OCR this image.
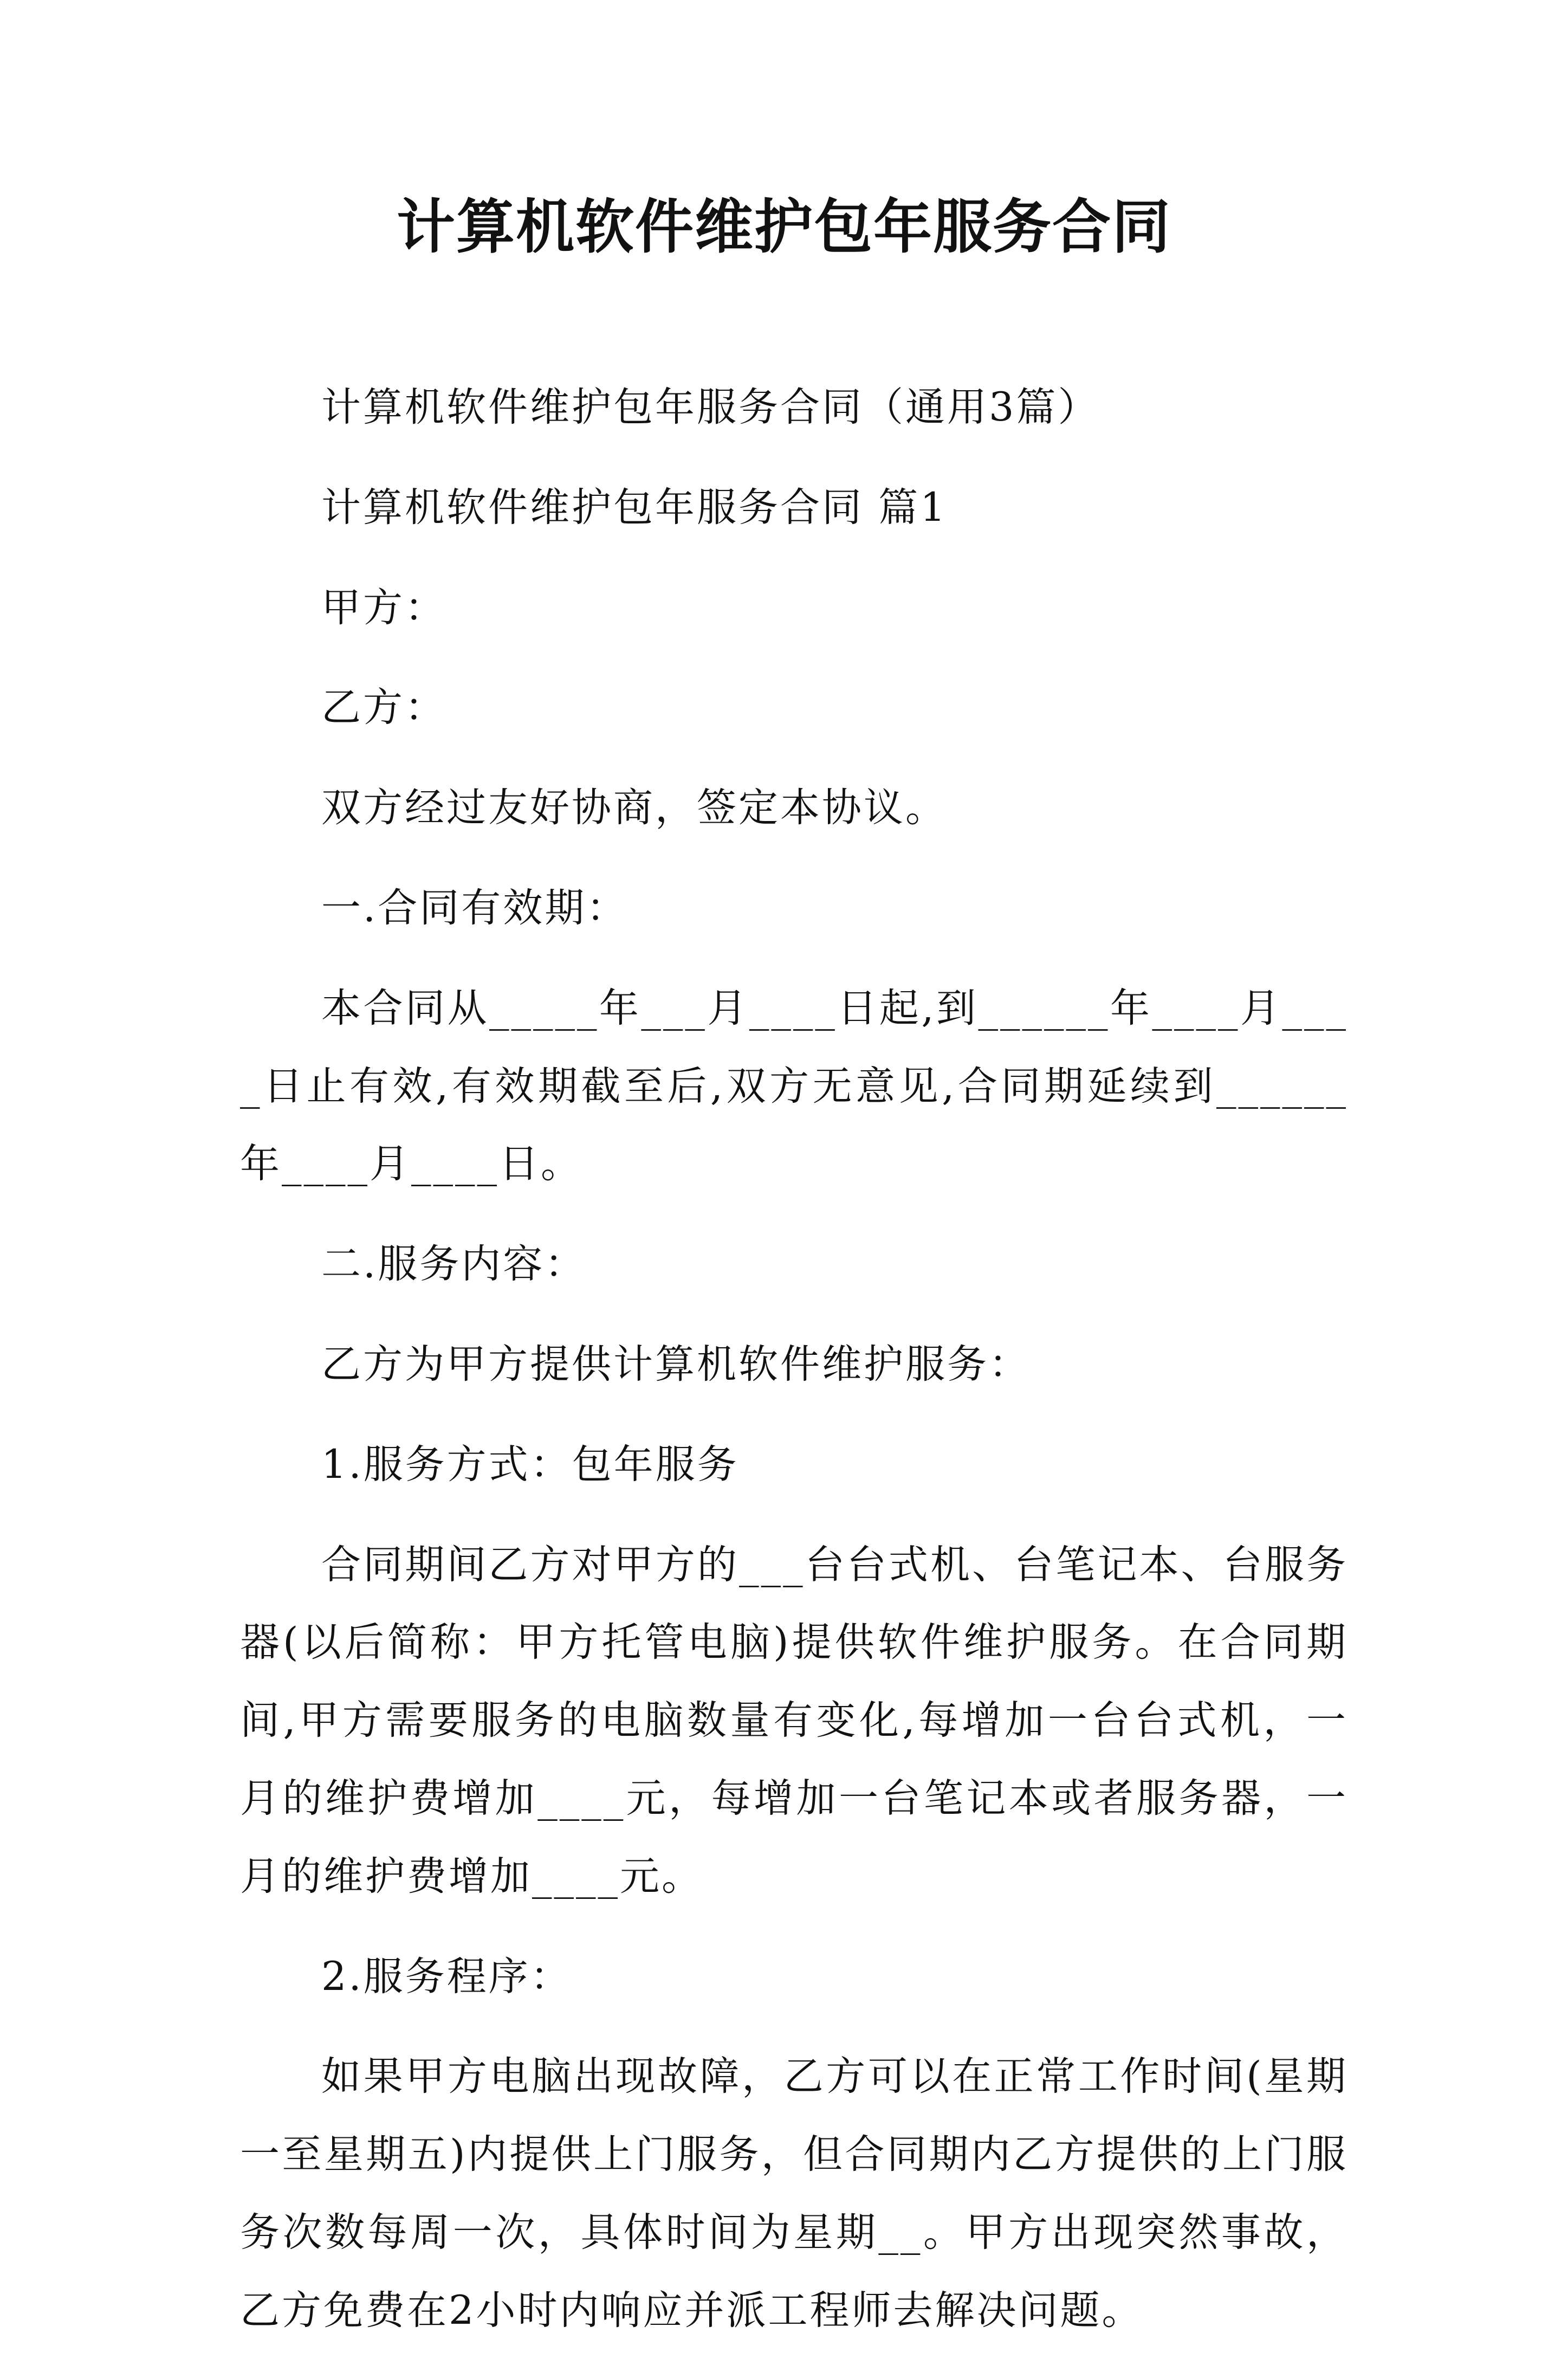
计算机软件维护包年服务合同

计算机软件维护包年服务合同（通用3篇）

计算机软件维护包年服务合同 篇1

甲方：

乙方：

双方经过友好协商，签定本协议。

一.合同有效期：

本合同从_____年___月____日起,到______年____月____日止有效,有效期截至后,双方无意见,合同期延续到______年____月____日。

二.服务内容：

乙方为甲方提供计算机软件维护服务：

1.服务方式：包年服务

合同期间乙方对甲方的___台台式机、台笔记本、台服务器(以后简称：甲方托管电脑)提供软件维护服务。在合同期间,甲方需要服务的电脑数量有变化,每增加一台台式机，一月的维护费增加____元，每增加一台笔记本或者服务器，一月的维护费增加____元。

2.服务程序：

如果甲方电脑出现故障，乙方可以在正常工作时间(星期一至星期五)内提供上门服务，但合同期内乙方提供的上门服务次数每周一次，具体时间为星期__。甲方出现突然事故，乙方免费在2小时内响应并派工程师去解决问题。
